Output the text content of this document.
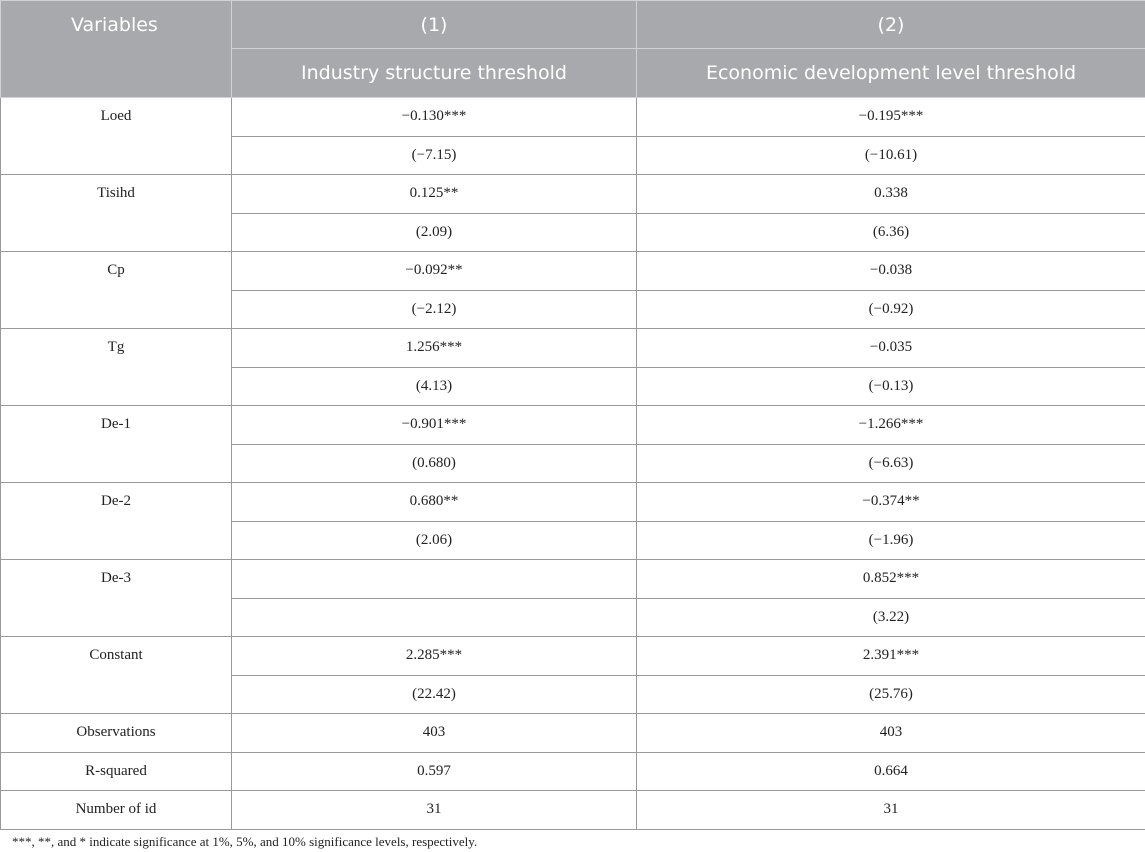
Variables	(1)	(2)
	Industry structure threshold	Economic development level threshold
Loed	−0.130***	−0.195***
	(−7.15)	(−10.61)
Tisihd	0.125**	0.338
	(2.09)	(6.36)
Cp	−0.092**	−0.038
	(−2.12)	(−0.92)
Tg	1.256***	−0.035
	(4.13)	(−0.13)
De-1	−0.901***	−1.266***
	(0.680)	(−6.63)
De-2	0.680**	−0.374**
	(2.06)	(−1.96)
De-3		0.852***
		(3.22)
Constant	2.285***	2.391***
	(22.42)	(25.76)
Observations	403	403
R-squared	0.597	0.664
Number of id	31	31

***, **, and * indicate significance at 1%, 5%, and 10% significance levels, respectively.
